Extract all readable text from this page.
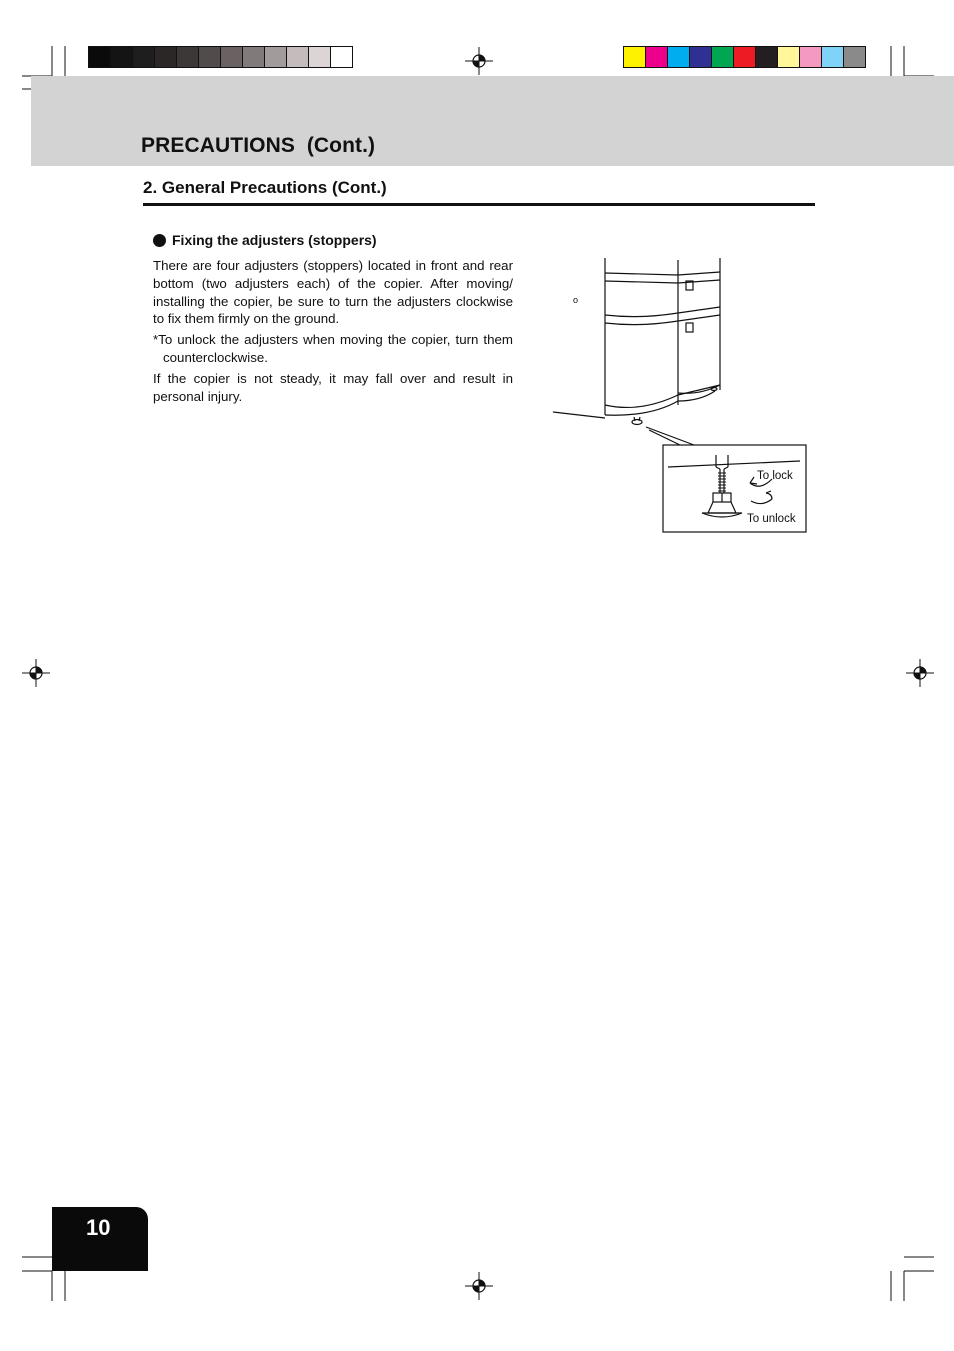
PRECAUTIONS  (Cont.)
2. General Precautions (Cont.)
Fixing the adjusters (stoppers)

There are four adjusters (stoppers) located in front and rear bottom (two adjusters each) of the copier. After moving/ installing the copier, be sure to turn the adjusters clockwise to fix them firmly on the ground.

*To unlock the adjusters when moving the copier, turn them counterclockwise.

If the copier is not steady, it may fall over and result in personal injury.

o
To lock
To unlock
10
